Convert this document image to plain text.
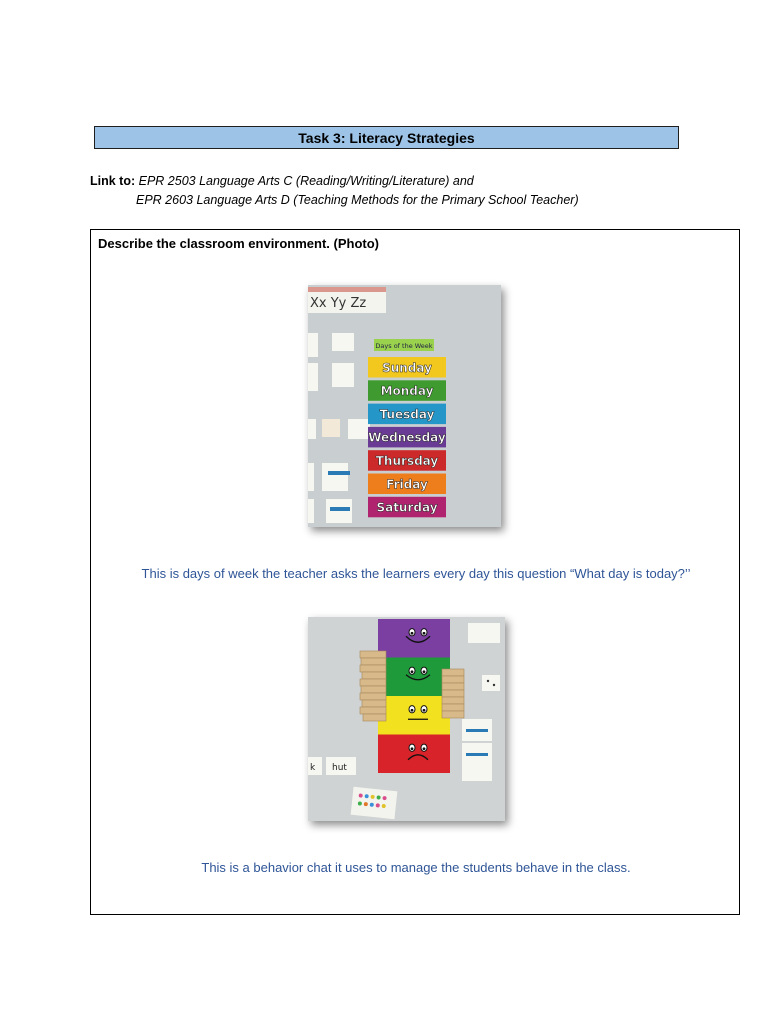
Task 3: Literacy Strategies
Link to: EPR 2503 Language Arts C (Reading/Writing/Literature) and
EPR 2603 Language Arts D (Teaching Methods for the Primary School Teacher)
Describe the classroom environment. (Photo)
Xx Yy Zz
Days of the Week
Sunday
Monday
Tuesday
Wednesday
Thursday
Friday
Saturday
This is days of week the teacher asks the learners every day this question “What day is today?’’
k hut
This is a behavior chat it uses to manage the students behave in the class.
